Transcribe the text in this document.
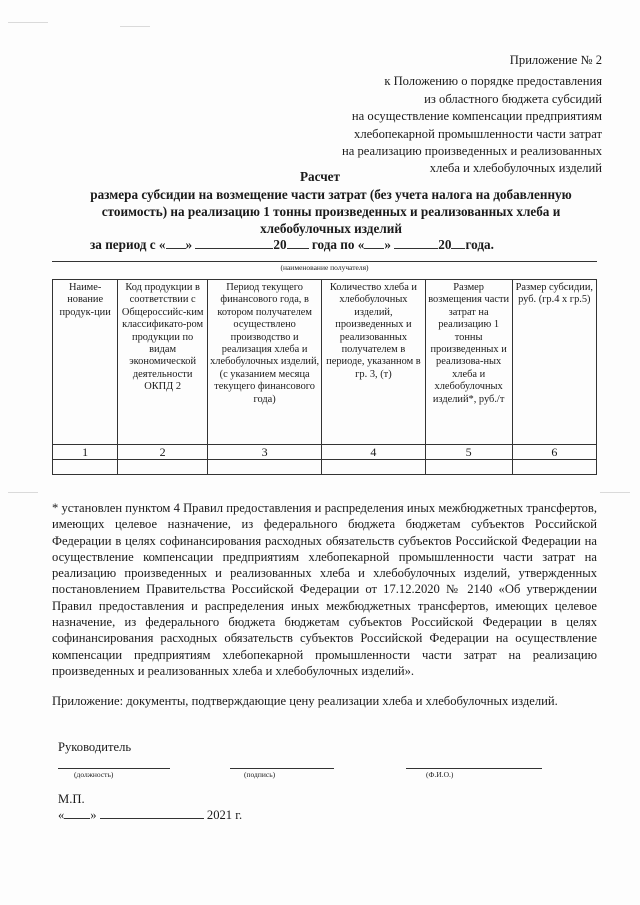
Приложение № 2
к Положению о порядке предоставления
из областного бюджета субсидий
на осуществление компенсации предприятиям
хлебопекарной промышленности части затрат
на реализацию произведенных и реализованных
хлеба и хлебобулочных изделий
Расчет
размера субсидии на возмещение части затрат (без учета налога на добавленную стоимость) на реализацию 1 тонны произведенных и реализованных хлеба и хлебобулочных изделий
за период с « »	20 года по « »	20 года.
(наименование получателя)
Наиме-нование продук-ции	Код продукции в соответствии с Общероссийс-ким классификато-ром продукции по видам экономической деятельности ОКПД 2	Период текущего финансового года, в котором получателем осуществлено производство и реализация хлеба и хлебобулочных изделий, (с указанием месяца текущего финансового года)	Количество хлеба и хлебобулочных изделий, произведенных и реализованных получателем в периоде, указанном в гр. 3, (т)	Размер возмещения части затрат на реализацию 1 тонны произведенных и реализова-ных хлеба и хлебобулочных изделий*, руб./т	Размер субсидии, руб. (гр.4 х гр.5)
1	2	3	4	5	6

* установлен пунктом 4 Правил предоставления и распределения иных межбюджетных трансфертов, имеющих целевое назначение, из федерального бюджета бюджетам субъектов Российской Федерации в целях софинансирования расходных обязательств субъектов Российской Федерации на осуществление компенсации предприятиям хлебопекарной промышленности части затрат на реализацию произведенных и реализованных хлеба и хлебобулочных изделий, утвержденных постановлением Правительства Российской Федерации от 17.12.2020 № 2140 «Об утверждении Правил предоставления и распределения иных межбюджетных трансфертов, имеющих целевое назначение, из федерального бюджета бюджетам субъектов Российской Федерации в целях софинансирования расходных обязательств субъектов Российской Федерации на осуществление компенсации предприятиям хлебопекарной промышленности части затрат на реализацию произведенных и реализованных хлеба и хлебобулочных изделий».

Приложение: документы, подтверждающие цену реализации хлеба и хлебобулочных изделий.
Руководитель
(должность)	(подпись)	(Ф.И.О.)
М.П.
« »	2021 г.
